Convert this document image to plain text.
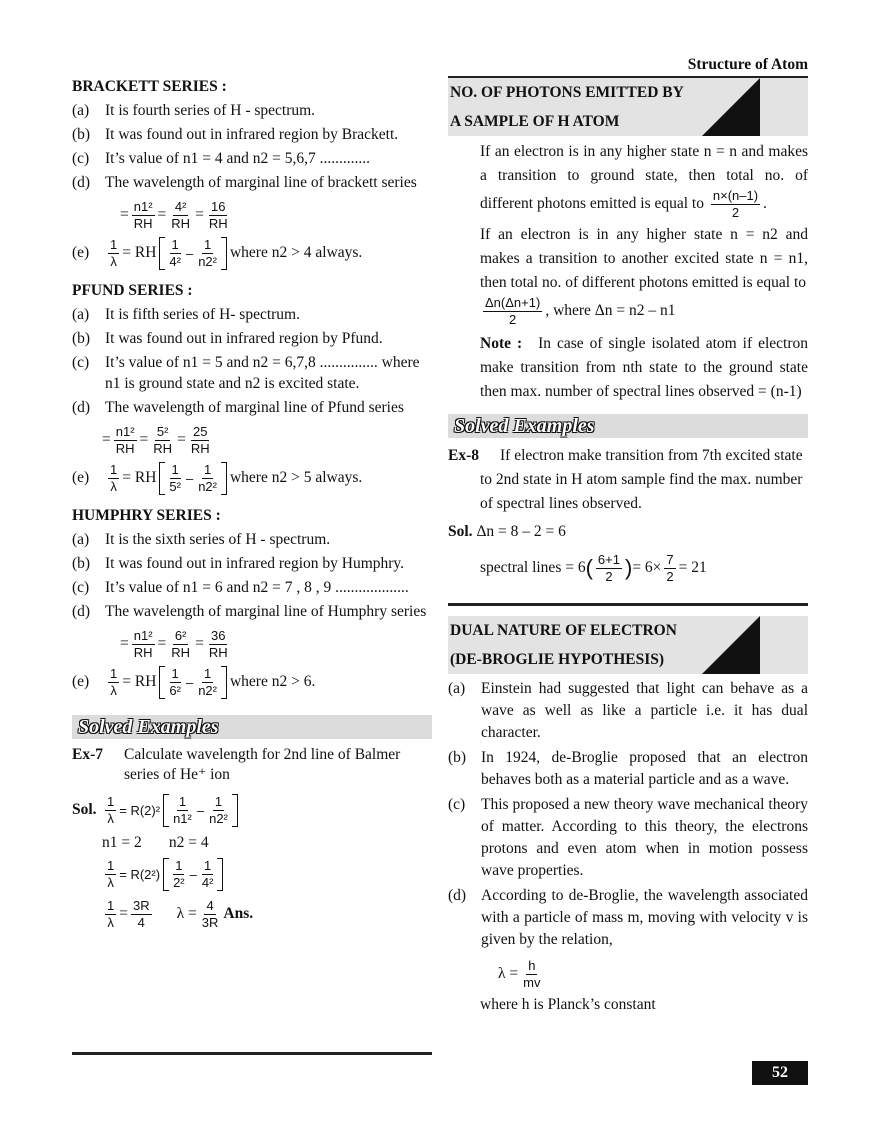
Structure of Atom
BRACKETT SERIES :
(a) It is fourth series of H - spectrum.
(b) It was found out in infrared region by Brackett.
(c) It’s value of n1 = 4 and n2 = 5,6,7 .............
(d) The wavelength of marginal line of brackett series
= $\frac{\text{n1²}}{RH} = \frac{\text{4²}}{RH} = \frac{16}{RH}$
(e)	$\frac{1}{\lambda}$ = RH $\frac{1}{\text{4²}} - \frac{1}{\text{n2²}}$ where n2 > 4 always.
PFUND SERIES :
(a) It is fifth series of H- spectrum.
(b) It was found out in infrared region by Pfund.
(c) It’s value of n1 = 5 and n2 = 6,7,8 ............... where n1 is ground state and n2 is excited state.
(d) The wavelength of marginal line of Pfund series
= $\frac{\text{n1²}}{RH} = \frac{\text{5²}}{RH} = \frac{25}{RH}$
(e)	$\frac{1}{\lambda}$ = RH $\frac{1}{\text{5²}} - \frac{1}{\text{n2²}}$ where n2 > 5 always.
HUMPHRY SERIES :
(a) It is the sixth series of H - spectrum.
(b) It was found out in infrared region by Humphry.
(c) It’s value of n1 = 6 and n2 = 7 , 8 , 9 ...................
(d) The wavelength of marginal line of Humphry series
= $\frac{\text{n1²}}{RH} = \frac{\text{6²}}{RH} = \frac{36}{RH}$
(e)	$\frac{1}{\lambda}$ = RH $\frac{1}{\text{6²}} - \frac{1}{\text{n2²}}$ where n2 > 6.
Solved Examples
Ex-7 Calculate wavelength for 2nd line of Balmer series of He⁺ ion
Sol. $\frac{1}{\lambda} = R(2)^2 \frac{1}{\text{n1²}} - \frac{1}{\text{n2²}}$
n1 = 2 n2 = 4
$\frac{1}{\lambda} = R(2^2) \frac{1}{\text{2²}} - \frac{1}{\text{4²}}$
$\frac{1}{\lambda} = \frac{3R}{4}$ $\lambda = \frac{4}{3R}$ Ans.
NO. OF PHOTONS EMITTED BY
A SAMPLE OF H ATOM
If an electron is in any higher state n = n and makes a transition to ground state, then total no. of different photons emitted is equal to $\frac{n\times(n-1)}{2}$ .
If an electron is in any higher state n = n2 and makes a transition to another excited state n = n1, then total no. of different photons emitted is equal to

$\frac{\Delta n(\Delta n+1)}{2}$ , where Δn = n2 – n1
Note : In case of single isolated atom if electron make transition from nth state to the ground state then max. number of spectral lines observed = (n-1)
Solved Examples
Ex-8 If electron make transition from 7th excited state to 2nd state in H atom sample find the max. number of spectral lines observed.
Sol. Δn = 8 – 2 = 6
spectral lines = 6 ( $\frac{6+1}{2}$ ) = $6\times \frac{7}{2} = 21$
DUAL NATURE OF ELECTRON
(DE-BROGLIE HYPOTHESIS)
(a) Einstein had suggested that light can behave as a wave as well as like a particle i.e. it has dual character.
(b) In 1924, de-Broglie proposed that an electron behaves both as a material particle and as a wave.
(c) This proposed a new theory wave mechanical theory of matter. According to this theory, the electrons protons and even atom when in motion possess wave properties.
(d) According to de-Broglie, the wavelength associated with a particle of mass m, moving with velocity v is given by the relation,
$\lambda = \frac{h}{mv}$
where h is Planck’s constant
52
